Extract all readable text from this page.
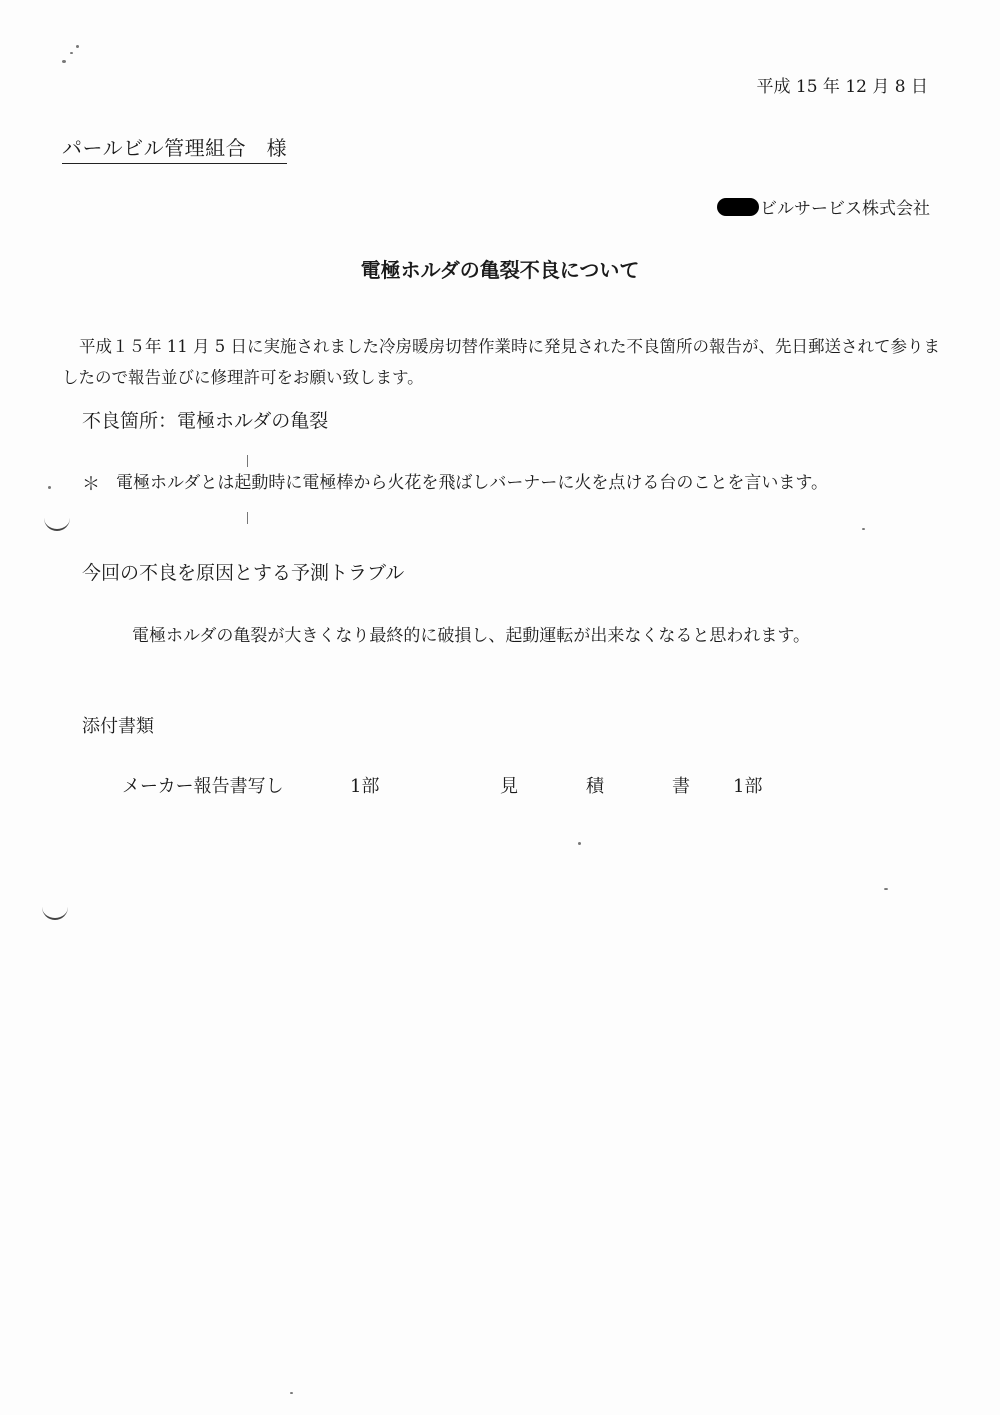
平成 15 年 12 月 8 日
パールビル管理組合　様
ビルサービス株式会社
電極ホルダの亀裂不良について

平成１５年 11 月 5 日に実施されました冷房暖房切替作業時に発見された不良箇所の報告が、先日郵送されて参りましたので報告並びに修理許可をお願い致します。

不良箇所：電極ホルダの亀裂
＊ 電極ホルダとは起動時に電極棒から火花を飛ばしバーナーに火を点ける台のことを言います。
今回の不良を原因とする予測トラブル
電極ホルダの亀裂が大きくなり最終的に破損し、起動運転が出来なくなると思われます。
添付書類
メーカー報告書写し	1部	見	積	書 1部
